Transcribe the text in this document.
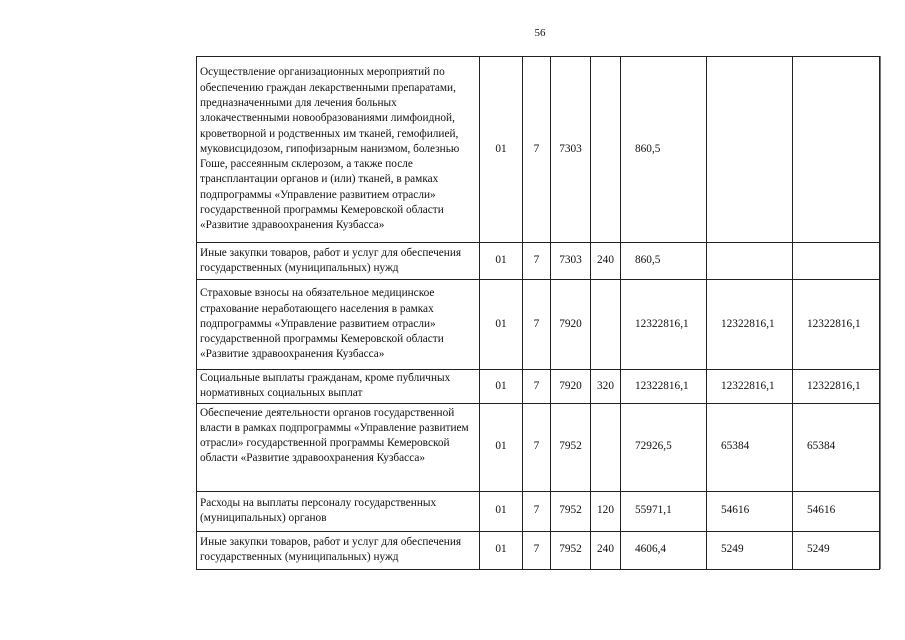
56
Осуществление организационных мероприятий по обеспечению граждан лекарственными препаратами, предназначенными для лечения больных злокачественными новообразованиями лимфоидной, кроветворной и родственных им тканей, гемофилией, муковисцидозом, гипофизарным нанизмом, болезнью Гоше, рассеянным склерозом, а также после трансплантации органов и (или) тканей, в рамках подпрограммы «Управление развитием отрасли» государственной программы Кемеровской области «Развитие здравоохранения Кузбасса»	01	7	7303		860,5		
Иные закупки товаров, работ и услуг для обеспечения государственных (муниципальных) нужд	01	7	7303	240	860,5		
Страховые взносы на обязательное медицинское страхование неработающего населения в рамках подпрограммы «Управление развитием отрасли» государственной программы Кемеровской области «Развитие здравоохранения Кузбасса»	01	7	7920		12322816,1	12322816,1	12322816,1
Социальные выплаты гражданам, кроме публичных нормативных социальных выплат	01	7	7920	320	12322816,1	12322816,1	12322816,1
Обеспечение деятельности органов государственной власти в рамках подпрограммы «Управление развитием отрасли» государственной программы Кемеровской области «Развитие здравоохранения Кузбасса»	01	7	7952		72926,5	65384	65384
Расходы на выплаты персоналу государственных (муниципальных) органов	01	7	7952	120	55971,1	54616	54616
Иные закупки товаров, работ и услуг для обеспечения государственных (муниципальных) нужд	01	7	7952	240	4606,4	5249	5249
